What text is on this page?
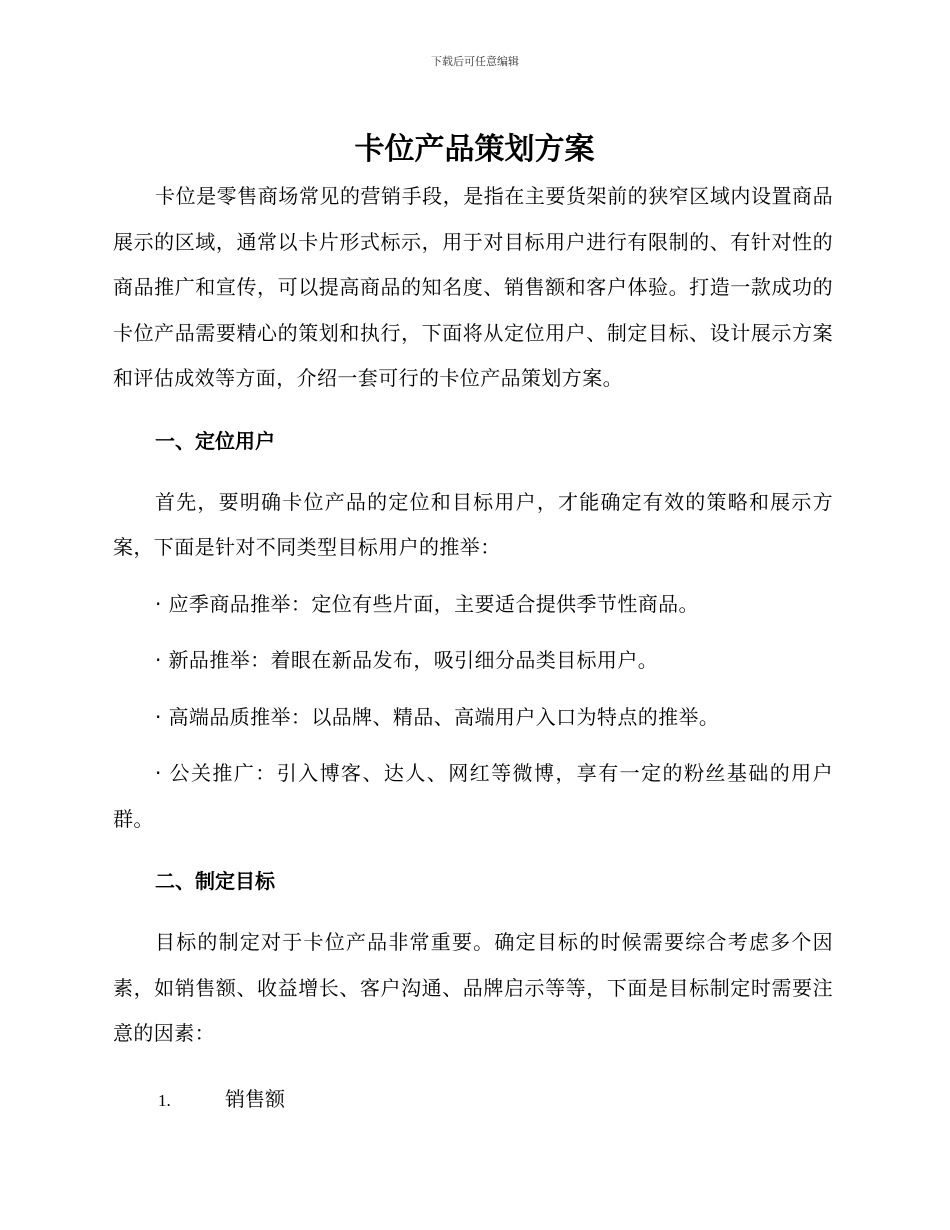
下载后可任意编辑
卡位产品策划方案

卡位是零售商场常见的营销手段，是指在主要货架前的狭窄区域内设置商品展示的区域，通常以卡片形式标示，用于对目标用户进行有限制的、有针对性的商品推广和宣传，可以提高商品的知名度、销售额和客户体验。打造一款成功的卡位产品需要精心的策划和执行，下面将从定位用户、制定目标、设计展示方案和评估成效等方面，介绍一套可行的卡位产品策划方案。

一、定位用户

首先，要明确卡位产品的定位和目标用户，才能确定有效的策略和展示方案，下面是针对不同类型目标用户的推举：

· 应季商品推举：定位有些片面，主要适合提供季节性商品。

· 新品推举：着眼在新品发布，吸引细分品类目标用户。

· 高端品质推举：以品牌、精品、高端用户入口为特点的推举。

· 公关推广：引入博客、达人、网红等微博，享有一定的粉丝基础的用户群。

二、制定目标

目标的制定对于卡位产品非常重要。确定目标的时候需要综合考虑多个因素，如销售额、收益增长、客户沟通、品牌启示等等，下面是目标制定时需要注意的因素：

1.	销售额
